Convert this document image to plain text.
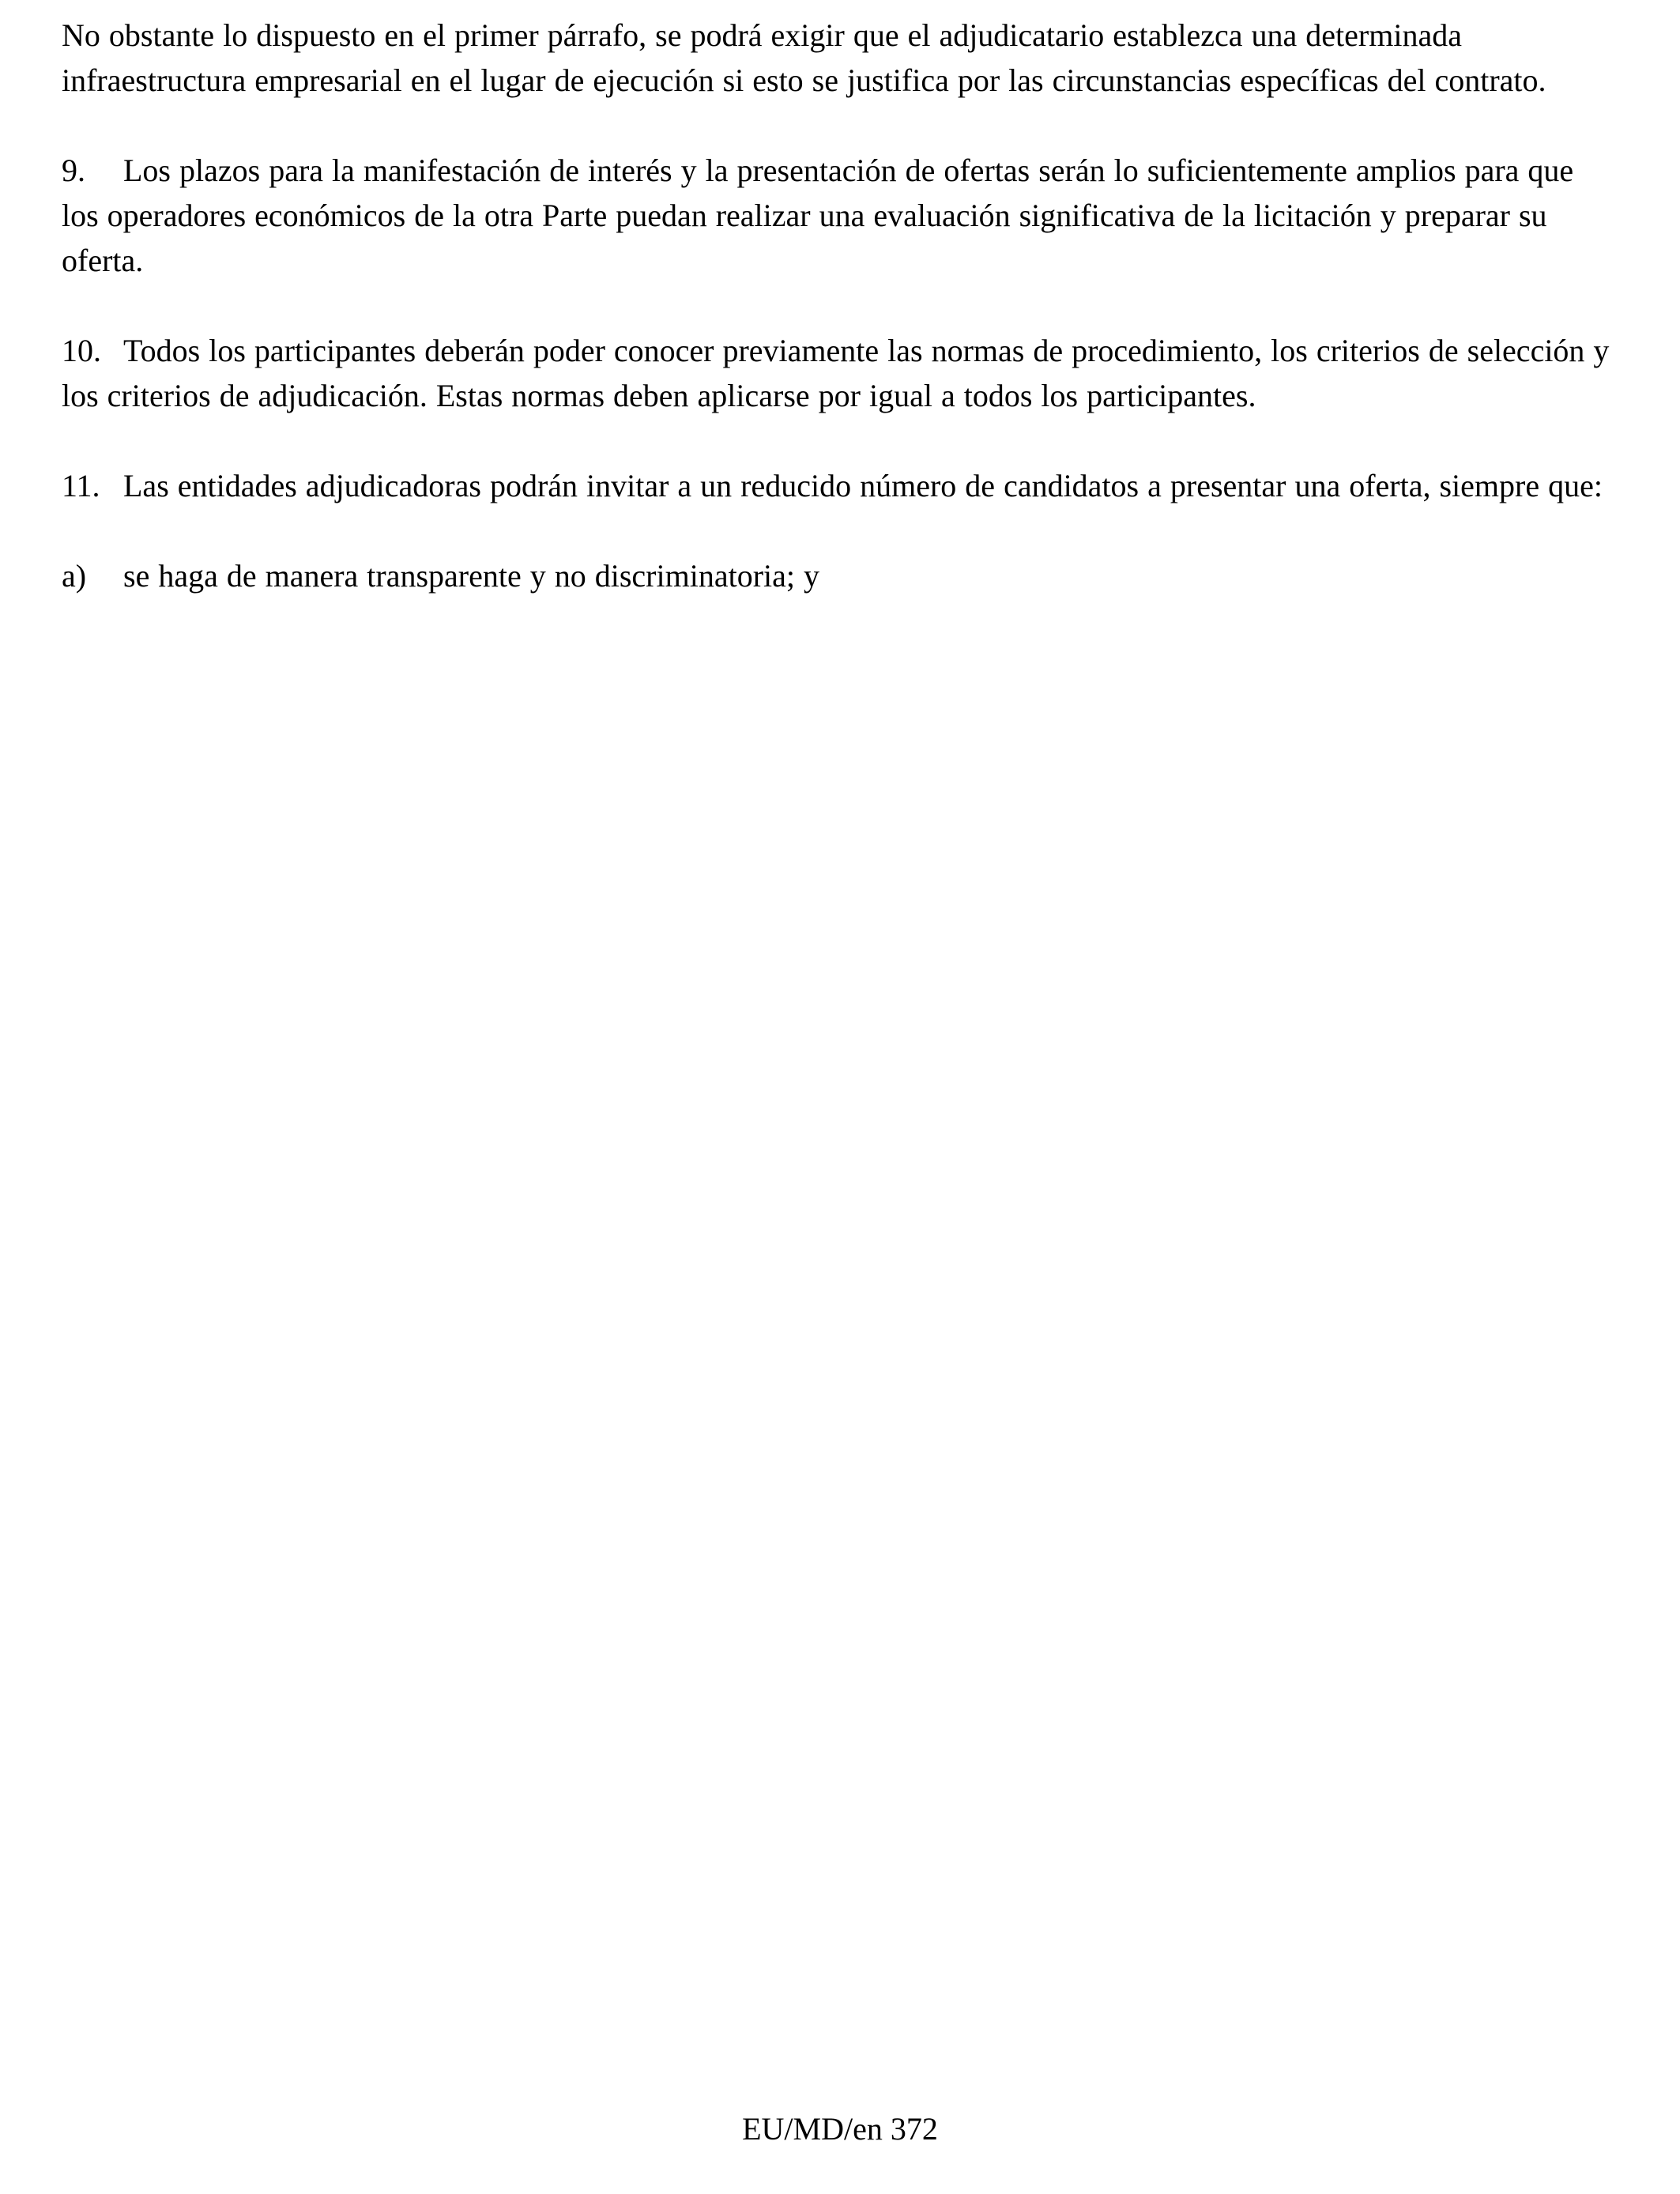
No obstante lo dispuesto en el primer párrafo, se podrá exigir que el adjudicatario establezca una determinada infraestructura empresarial en el lugar de ejecución si esto se justifica por las circunstancias específicas del contrato.
9. Los plazos para la manifestación de interés y la presentación de ofertas serán lo suficientemente amplios para que los operadores económicos de la otra Parte puedan realizar una evaluación significativa de la licitación y preparar su oferta.
10. Todos los participantes deberán poder conocer previamente las normas de procedimiento, los criterios de selección y los criterios de adjudicación. Estas normas deben aplicarse por igual a todos los participantes.
11. Las entidades adjudicadoras podrán invitar a un reducido número de candidatos a presentar una oferta, siempre que:
a) se haga de manera transparente y no discriminatoria; y
EU/MD/en 372
